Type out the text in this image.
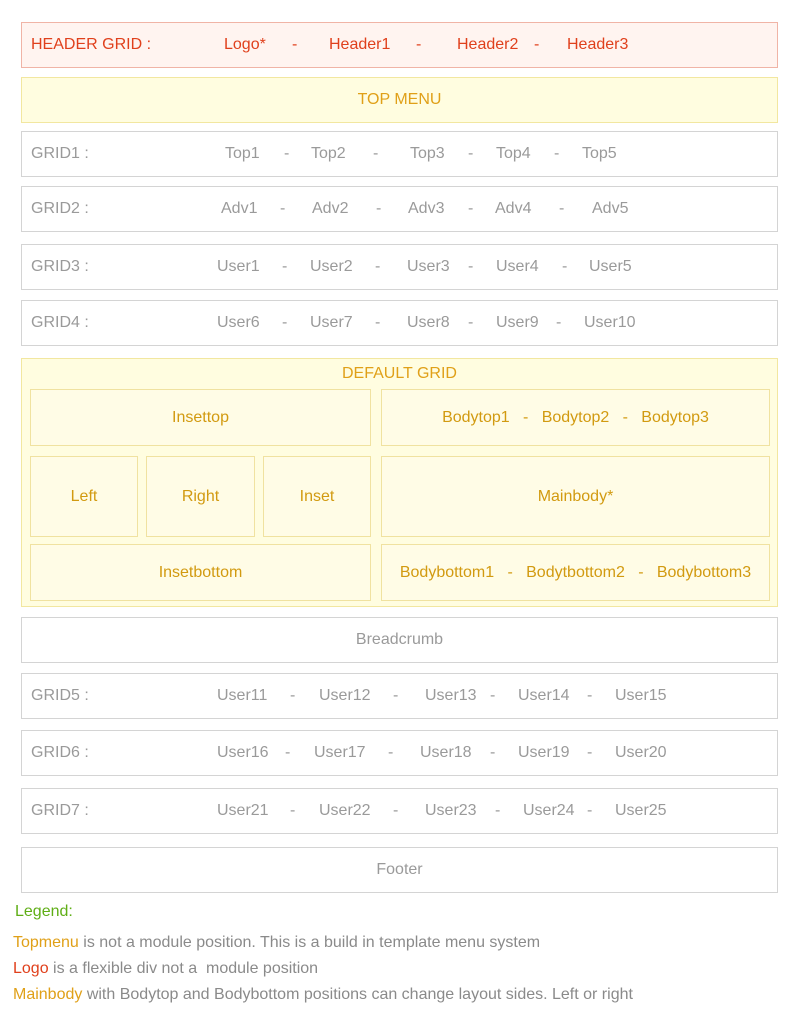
HEADER GRID :	Logo* - Header1 - Header2 - Header3
TOP MENU
GRID1 :	Top1 - Top2 - Top3 - Top4 - Top5
GRID2 :	Adv1 - Adv2 - Adv3 - Adv4 - Adv5
GRID3 :	User1 - User2 - User3 - User4 - User5
GRID4 :	User6 - User7 - User8 - User9 - User10
DEFAULT GRID
Insettop	Bodytop1   -   Bodytop2   -   Bodytop3
Left	Right	Inset	Mainbody*
Insetbottom	Bodybottom1   -   Bodytbottom2   -   Bodybottom3
Breadcrumb
GRID5 :	User11 - User12 - User13 - User14 - User15
GRID6 :	User16 - User17 - User18 - User19 - User20
GRID7 :	User21 - User22 - User23 - User24 - User25
Footer
Legend:
Topmenu is not a module position. This is a build in template menu system
Logo is a flexible div not a  module position
Mainbody with Bodytop and Bodybottom positions can change layout sides. Left or right
